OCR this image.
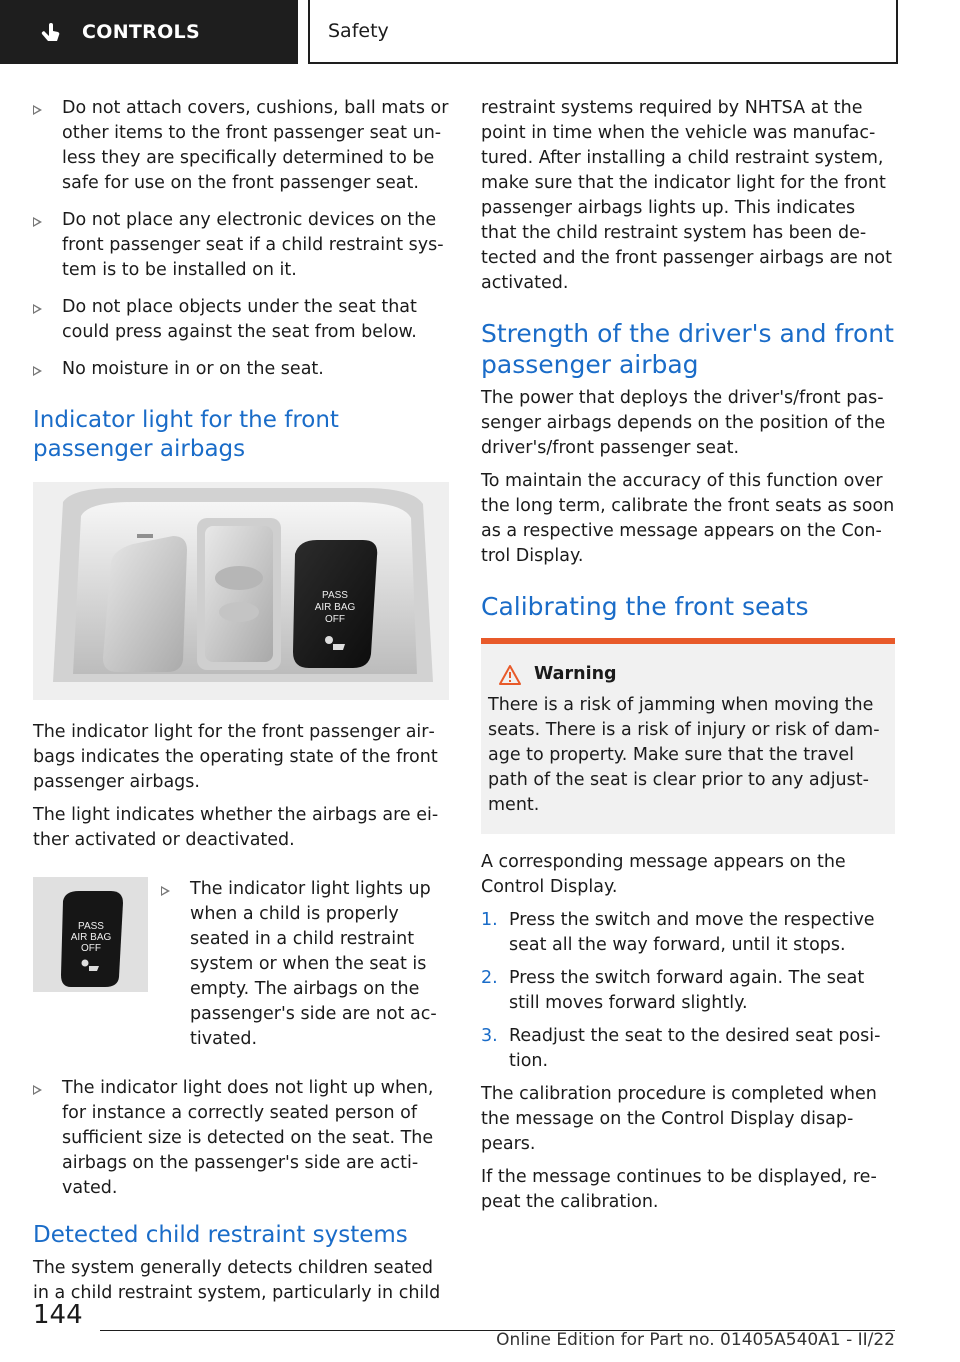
CONTROLS	Safety
Do not attach covers, cushions, ball mats or other items to the front passenger seat unless they are specifically determined to be safe for use on the front passenger seat.
Do not place any electronic devices on the front passenger seat if a child restraint system is to be installed on it.
Do not place objects under the seat that could press against the seat from below.
No moisture in or on the seat.
Indicator light for the front passenger airbags
PASS
AIR BAG
OFF

The indicator light for the front passenger airbags indicates the operating state of the front passenger airbags.

The light indicates whether the airbags are either activated or deactivated.

PASS
AIR BAG
OFF
The indicator light lights up when a child is properly seated in a child restraint system or when the seat is empty. The airbags on the passenger's side are not activated.
The indicator light does not light up when, for instance a correctly seated person of sufficient size is detected on the seat. The airbags on the passenger's side are activated.
Detected child restraint systems

The system generally detects children seated in a child restraint system, particularly in child

restraint systems required by NHTSA at the point in time when the vehicle was manufactured. After installing a child restraint system, make sure that the indicator light for the front passenger airbags lights up. This indicates that the child restraint system has been detected and the front passenger airbags are not activated.

Strength of the driver's and front passenger airbag

The power that deploys the driver's/front passenger airbags depends on the position of the driver's/front passenger seat.

To maintain the accuracy of this function over the long term, calibrate the front seats as soon as a respective message appears on the Control Display.

Calibrating the front seats
Warning
There is a risk of jamming when moving the seats. There is a risk of injury or risk of damage to property. Make sure that the travel path of the seat is clear prior to any adjustment.

A corresponding message appears on the Control Display.

1. Press the switch and move the respective seat all the way forward, until it stops.
2. Press the switch forward again. The seat still moves forward slightly.
3. Readjust the seat to the desired seat position.

The calibration procedure is completed when the message on the Control Display disappears.

If the message continues to be displayed, repeat the calibration.

144
Online Edition for Part no. 01405A540A1 - II/22
